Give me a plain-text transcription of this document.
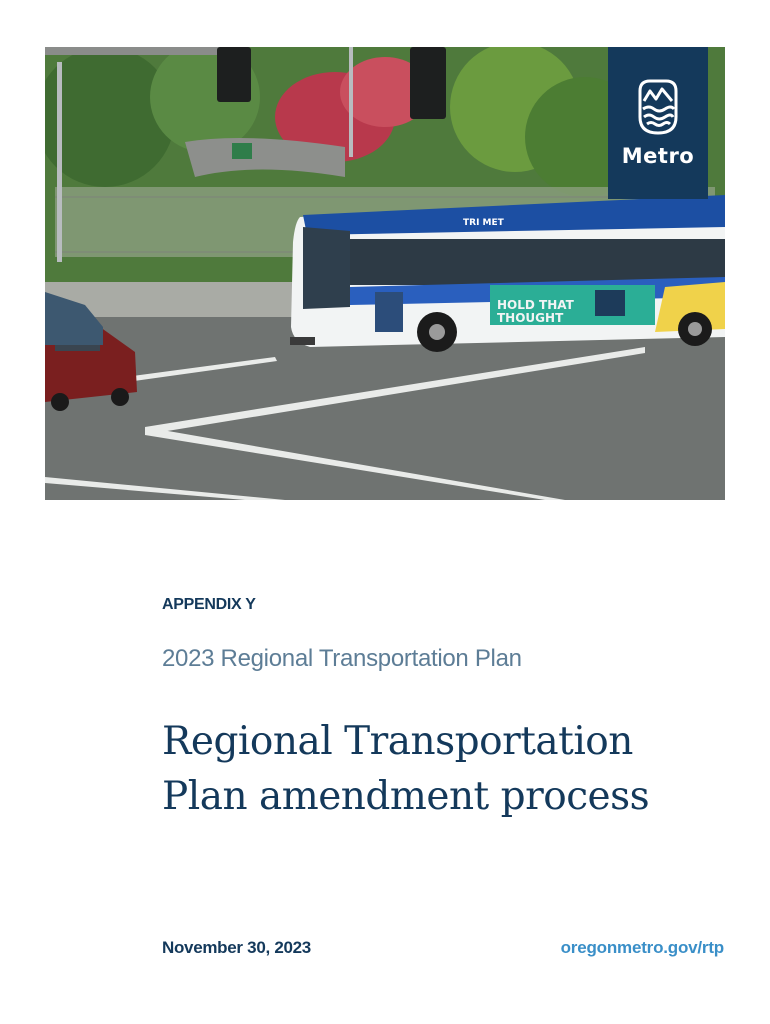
HOLD THAT
THOUGHT
TRI MET
Metro
APPENDIX Y
2023 Regional Transportation Plan
Regional Transportation
Plan amendment process
November 30, 2023	oregonmetro.gov/rtp
